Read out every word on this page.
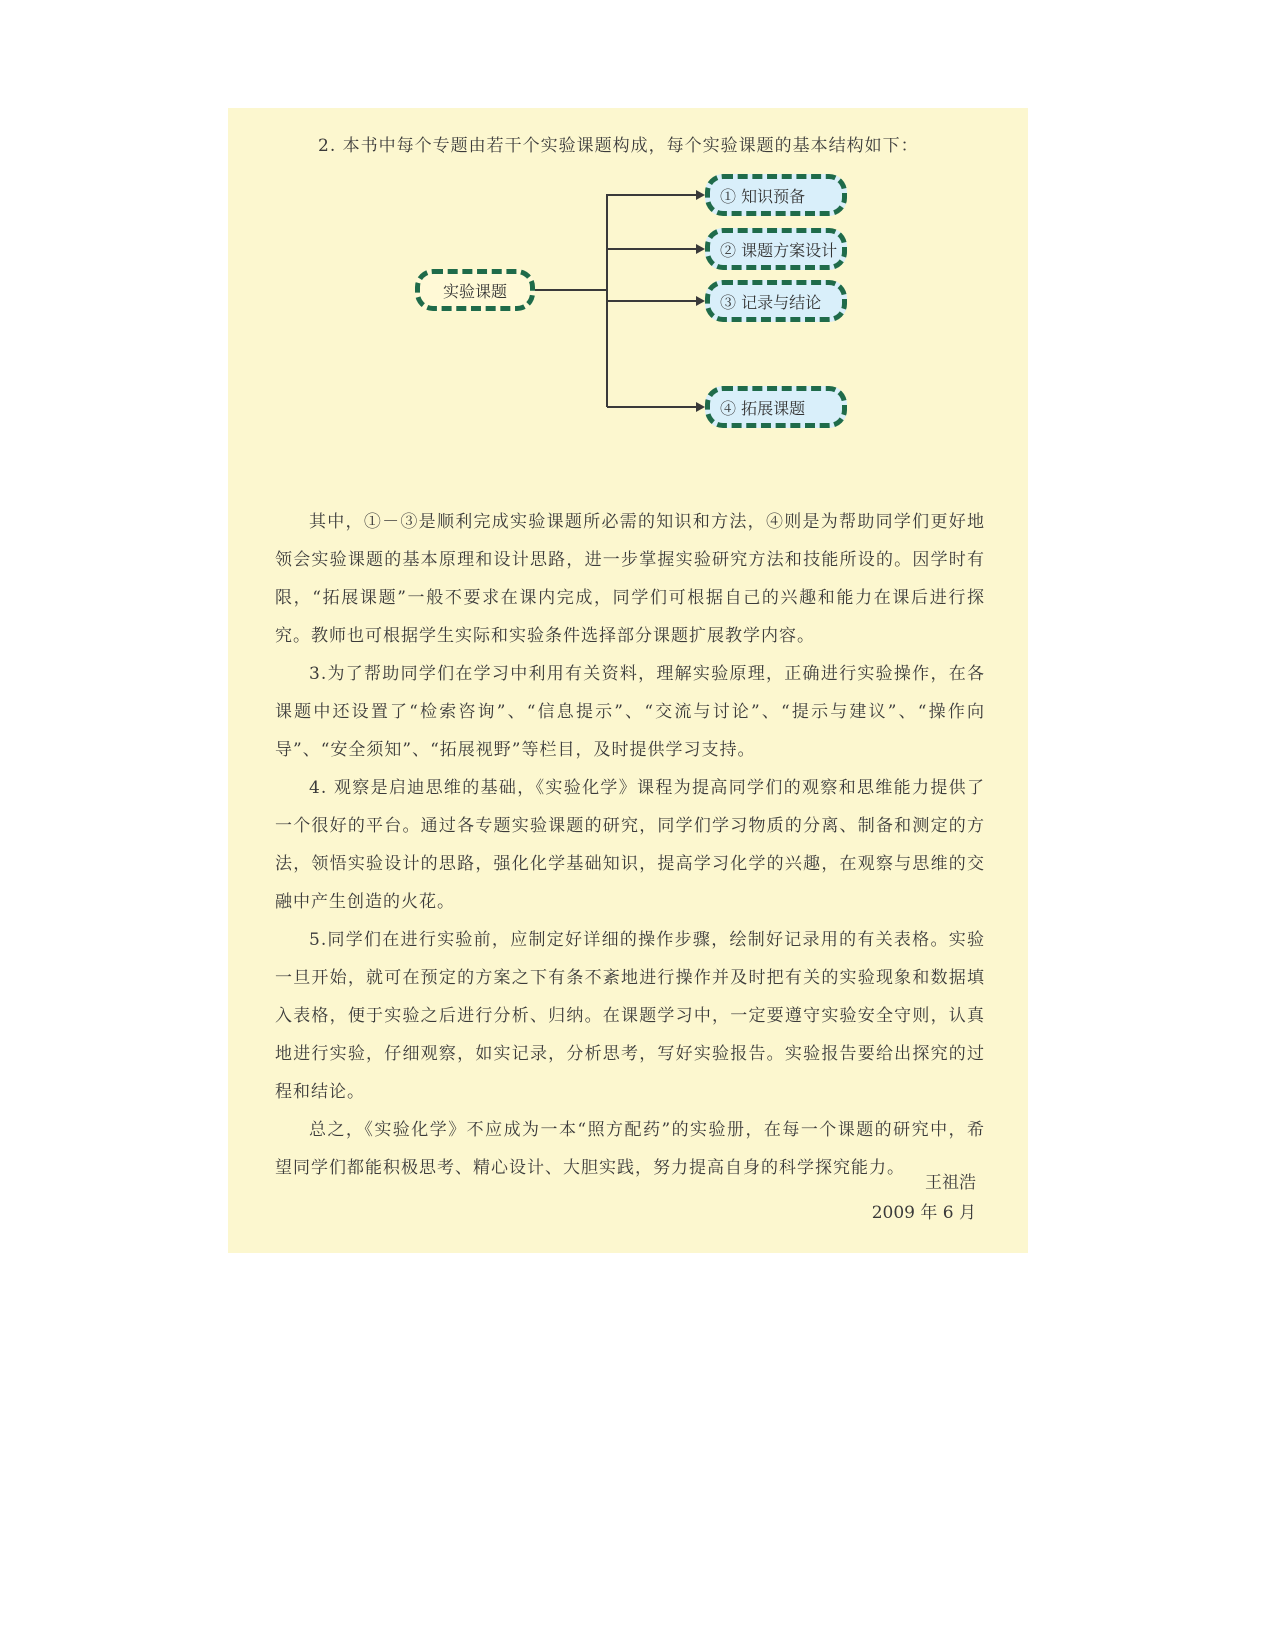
2. 本书中每个专题由若干个实验课题构成，每个实验课题的基本结构如下：
实验课题
① 知识预备
② 课题方案设计
③ 记录与结论
④ 拓展课题

其中，①－③是顺利完成实验课题所必需的知识和方法，④则是为帮助同学们更好地领会实验课题的基本原理和设计思路，进一步掌握实验研究方法和技能所设的。因学时有限，“拓展课题”一般不要求在课内完成，同学们可根据自己的兴趣和能力在课后进行探究。教师也可根据学生实际和实验条件选择部分课题扩展教学内容。

3.为了帮助同学们在学习中利用有关资料，理解实验原理，正确进行实验操作，在各课题中还设置了“检索咨询”、“信息提示”、“交流与讨论”、“提示与建议”、“操作向导”、“安全须知”、“拓展视野”等栏目，及时提供学习支持。

4. 观察是启迪思维的基础，《实验化学》课程为提高同学们的观察和思维能力提供了一个很好的平台。通过各专题实验课题的研究，同学们学习物质的分离、制备和测定的方法，领悟实验设计的思路，强化化学基础知识，提高学习化学的兴趣，在观察与思维的交融中产生创造的火花。

5.同学们在进行实验前，应制定好详细的操作步骤，绘制好记录用的有关表格。实验一旦开始，就可在预定的方案之下有条不紊地进行操作并及时把有关的实验现象和数据填入表格，便于实验之后进行分析、归纳。在课题学习中，一定要遵守实验安全守则，认真地进行实验，仔细观察，如实记录，分析思考，写好实验报告。实验报告要给出探究的过程和结论。

总之，《实验化学》不应成为一本“照方配药”的实验册，在每一个课题的研究中，希望同学们都能积极思考、精心设计、大胆实践，努力提高自身的科学探究能力。

王祖浩
2009 年 6 月
